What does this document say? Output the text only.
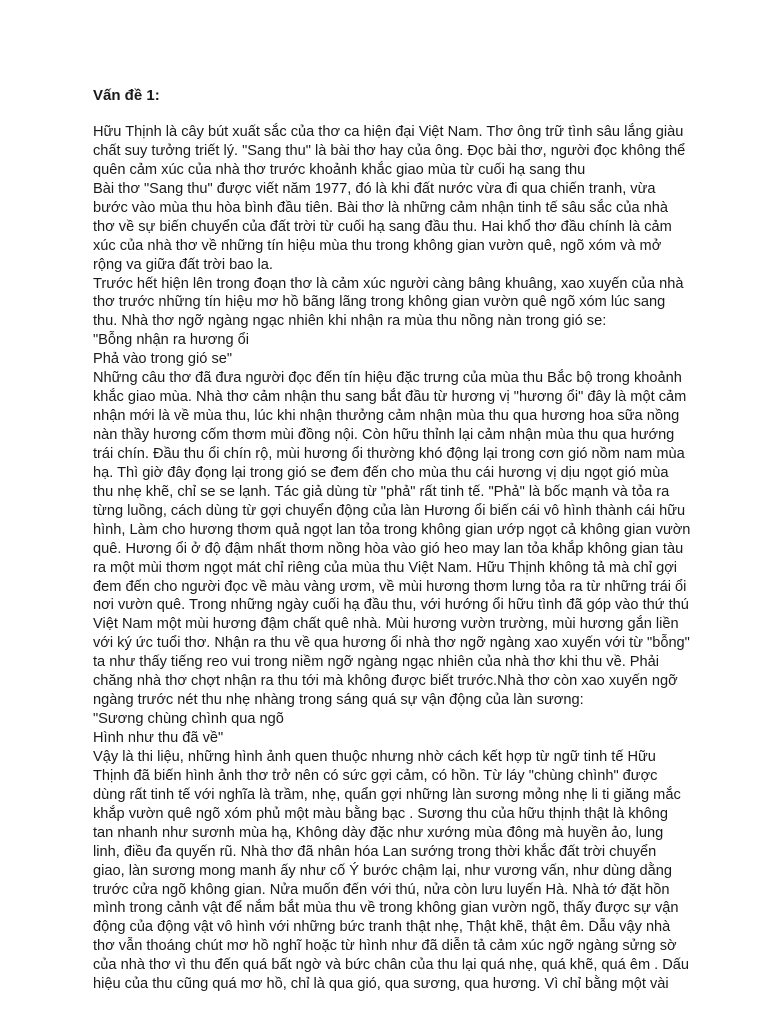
Vấn đề 1:
Hữu Thịnh là cây bút xuất sắc của thơ ca hiện đại Việt Nam. Thơ ông trữ tình sâu lắng giàu
chất suy tưởng triết lý. "Sang thu" là bài thơ hay của ông. Đọc bài thơ, người đọc không thể
quên cảm xúc của nhà thơ trước khoảnh khắc giao mùa từ cuối hạ sang thu
Bài thơ "Sang thu" được viết năm 1977, đó là khi đất nước vừa đi qua chiến tranh, vừa
bước vào mùa thu hòa bình đầu tiên. Bài thơ là những cảm nhận tinh tế sâu sắc của nhà
thơ về sự biến chuyển của đất trời từ cuối hạ sang đầu thu. Hai khổ thơ đầu chính là cảm
xúc của nhà thơ về những tín hiệu mùa thu trong không gian vườn quê, ngõ xóm và mở
rộng va giữa đất trời bao la.
Trước hết hiện lên trong đoạn thơ là cảm xúc người càng bâng khuâng, xao xuyến của nhà
thơ trước những tín hiệu mơ hồ bãng lãng trong không gian vườn quê ngõ xóm lúc sang
thu. Nhà thơ ngỡ ngàng ngạc nhiên khi nhận ra mùa thu nồng nàn trong gió se:
"Bỗng nhận ra hương ổi
Phả vào trong gió se"
Những câu thơ đã đưa người đọc đến tín hiệu đặc trưng của mùa thu Bắc bộ trong khoảnh
khắc giao mùa. Nhà thơ cảm nhận thu sang bắt đầu từ hương vị "hương ổi" đây là một cảm
nhận mới là về mùa thu, lúc khi nhận thưởng cảm nhận mùa thu qua hương hoa sữa nồng
nàn thầy hương cốm thơm mùi đồng nội. Còn hữu thỉnh lại cảm nhận mùa thu qua hướng
trái chín. Đầu thu ổi chín rộ, mùi hương ổi thường khó động lại trong cơn gió nồm nam mùa
hạ. Thì giờ đây đọng lại trong gió se đem đến cho mùa thu cái hương vị dịu ngọt gió mùa
thu nhẹ khẽ, chỉ se se lạnh. Tác giả dùng từ "phả" rất tinh tế. "Phả" là bốc mạnh và tỏa ra
từng luồng, cách dùng từ gợi chuyển động của làn Hương ổi biến cái vô hình thành cái hữu
hình, Làm cho hương thơm quả ngọt lan tỏa trong không gian ướp ngọt cả không gian vườn
quê. Hương ổi ở độ đậm nhất thơm nồng hòa vào gió heo may lan tỏa khắp không gian tàu
ra một mùi thơm ngọt mát chỉ riêng của mùa thu Việt Nam. Hữu Thịnh không tả mà chỉ gợi
đem đến cho người đọc về màu vàng ươm, về mùi hương thơm lưng tỏa ra từ những trái ổi
nơi vườn quê. Trong những ngày cuối hạ đầu thu, với hướng ổi hữu tình đã góp vào thứ thú
Việt Nam một mùi hương đậm chất quê nhà. Mùi hương vườn trường, mùi hương gắn liền
với ký ức tuổi thơ. Nhận ra thu về qua hương ổi nhà thơ ngỡ ngàng xao xuyến với từ "bỗng"
ta như thấy tiếng reo vui trong niềm ngỡ ngàng ngạc nhiên của nhà thơ khi thu về. Phải
chăng nhà thơ chợt nhận ra thu tới mà không được biết trước.Nhà thơ còn xao xuyến ngỡ
ngàng trước nét thu nhẹ nhàng trong sáng quá sự vận động của làn sương:
"Sương chùng chình qua ngõ
Hình như thu đã về"
Vậy là thi liệu, những hình ảnh quen thuộc nhưng nhờ cách kết hợp từ ngữ tinh tế Hữu
Thịnh đã biến hình ảnh thơ trở nên có sức gợi cảm, có hồn. Từ láy "chùng chình" được
dùng rất tinh tế với nghĩa là trầm, nhẹ, quẩn gợi những làn sương mỏng nhẹ li ti giăng mắc
khắp vườn quê ngõ xóm phủ một màu bằng bạc . Sương thu của hữu thịnh thật là không
tan nhanh như sươnh mùa hạ, Không dày đặc như xướng mùa đông mà huyền ảo, lung
linh, điều đa quyến rũ. Nhà thơ đã nhân hóa Lan sướng trong thời khắc đất trời chuyển
giao, làn sương mong manh ấy như cố Ý bước chậm lại, như vương vấn, như dùng dằng
trước cửa ngõ không gian. Nửa muốn đến với thú, nửa còn lưu luyến Hà. Nhà tớ đặt hồn
mình trong cảnh vật để nắm bắt mùa thu về trong không gian vườn ngõ, thấy được sự vận
động của động vật vô hình với những bức tranh thật nhẹ, Thật khẽ, thật êm. Dẫu vậy nhà
thơ vẫn thoáng chút mơ hồ nghĩ hoặc từ hình như đã diễn tả cảm xúc ngỡ ngàng sửng sờ
của nhà thơ vì thu đến quá bất ngờ và bức chân của thu lại quá nhẹ, quá khẽ, quá êm . Dấu
hiệu của thu cũng quá mơ hồ, chỉ là qua gió, qua sương, qua hương. Vì chỉ bằng một vài
